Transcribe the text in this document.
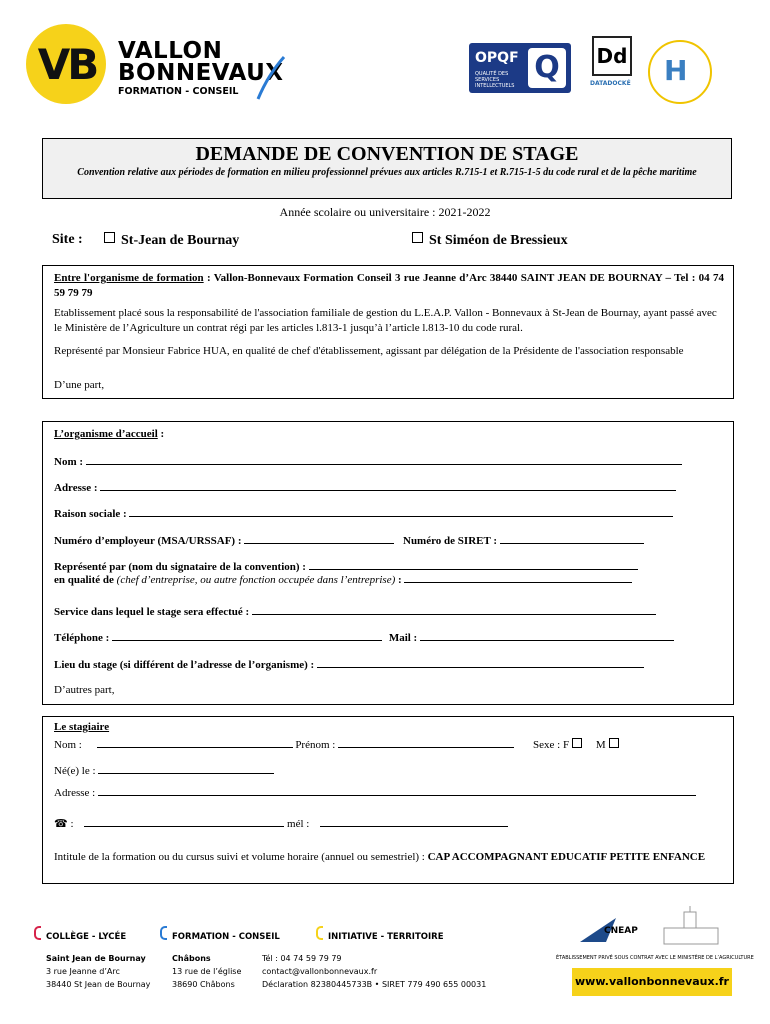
VB VALLON
BONNEVAUX
FORMATION - CONSEIL
OPQF
QUALITÉ DES SERVICES INTELLECTUELS
Q	Dd
DATADOCKÉ H
DEMANDE DE CONVENTION DE STAGE
Convention relative aux périodes de formation en milieu professionnel prévues aux articles R.715-1 et R.715-1-5 du code rural et de la pêche maritime
Année scolaire ou universitaire : 2021-2022
Site :	St-Jean de Bournay	St Siméon de Bressieux
Entre l'organisme de formation : Vallon-Bonnevaux Formation Conseil 3 rue Jeanne d’Arc 38440 SAINT JEAN DE BOURNAY – Tel : 04 74 59 79 79
Etablissement placé sous la responsabilité de l'association familiale de gestion du L.E.A.P. Vallon - Bonnevaux à St-Jean de Bournay, ayant passé avec le Ministère de l’Agriculture un contrat régi par les articles l.813-1 jusqu’à l’article l.813-10 du code rural.
Représenté par Monsieur Fabrice HUA, en qualité de chef d'établissement, agissant par délégation de la Présidente de l'association responsable
D’une part,
L’organisme d’accueil :
Nom :
Adresse :
Raison sociale :
Numéro d’employeur (MSA/URSSAF) :	Numéro de SIRET :
Représenté par (nom du signataire de la convention) :
en qualité de (chef d’entreprise, ou autre fonction occupée dans l’entreprise) :
Service dans lequel le stage sera effectué :
Téléphone :	Mail :
Lieu du stage (si différent de l’adresse de l’organisme) :
D’autres part,
Le stagiaire
Nom :	Prénom :	Sexe : F M
Né(e) le :
Adresse :
☎ :	mél :
Intitule de la formation ou du cursus suivi et volume horaire (annuel ou semestriel) : CAP ACCOMPAGNANT EDUCATIF PETITE ENFANCE
COLLÈGE - LYCÉE	FORMATION - CONSEIL	INITIATIVE - TERRITOIRE
Saint Jean de Bournay
3 rue Jeanne d’Arc
38440 St Jean de Bournay
Châbons
13 rue de l’église
38690 Châbons
Tél : 04 74 59 79 79
contact@vallonbonnevaux.fr
Déclaration 82380445733B • SIRET 779 490 655 00031
CNEAP
ÉTABLISSEMENT PRIVÉ SOUS CONTRAT AVEC LE MINISTÈRE DE L’AGRICULTURE
www.vallonbonnevaux.fr
